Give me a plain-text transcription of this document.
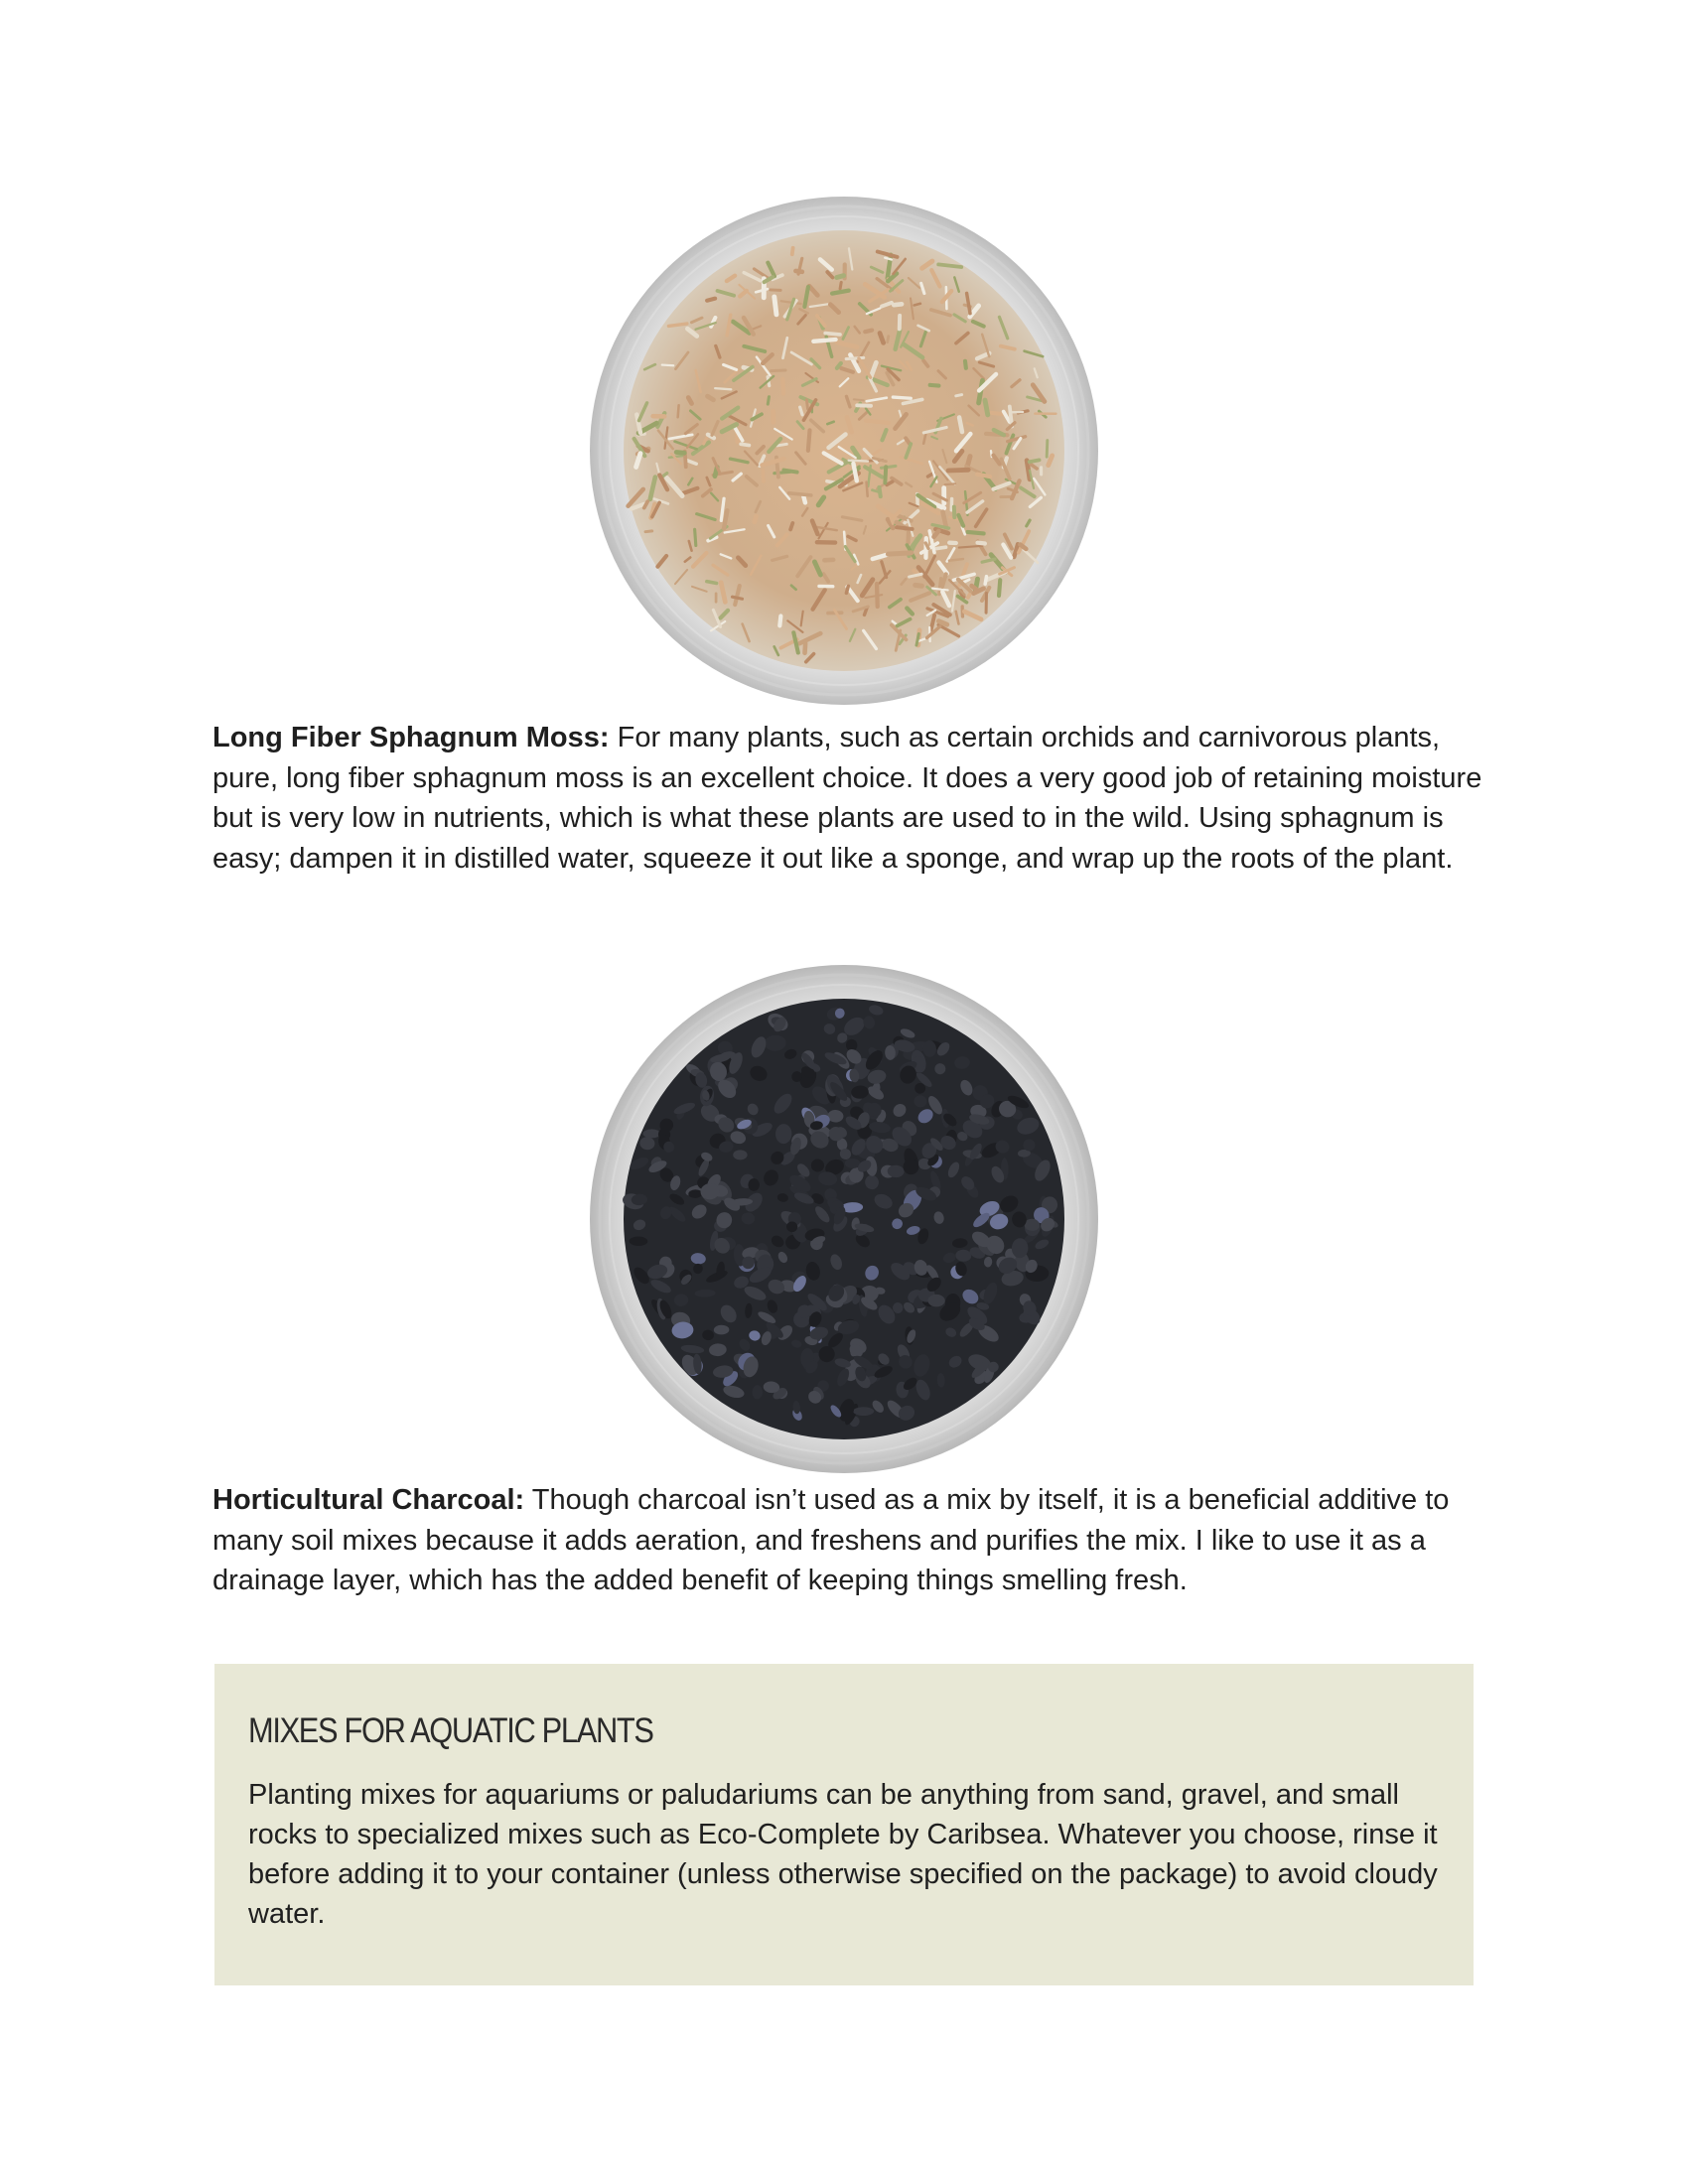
Long Fiber Sphagnum Moss: For many plants, such as certain orchids and carnivorous plants, pure, long fiber sphagnum moss is an excellent choice. It does a very good job of retaining moisture but is very low in nutrients, which is what these plants are used to in the wild. Using sphagnum is easy; dampen it in distilled water, squeeze it out like a sponge, and wrap up the roots of the plant.

Horticultural Charcoal: Though charcoal isn’t used as a mix by itself, it is a beneficial additive to many soil mixes because it adds aeration, and freshens and purifies the mix. I like to use it as a drainage layer, which has the added benefit of keeping things smelling fresh.

MIXES FOR AQUATIC PLANTS

Planting mixes for aquariums or paludariums can be anything from sand, gravel, and small rocks to specialized mixes such as Eco-Complete by Caribsea. Whatever you choose, rinse it before adding it to your container (unless otherwise specified on the package) to avoid cloudy water.
